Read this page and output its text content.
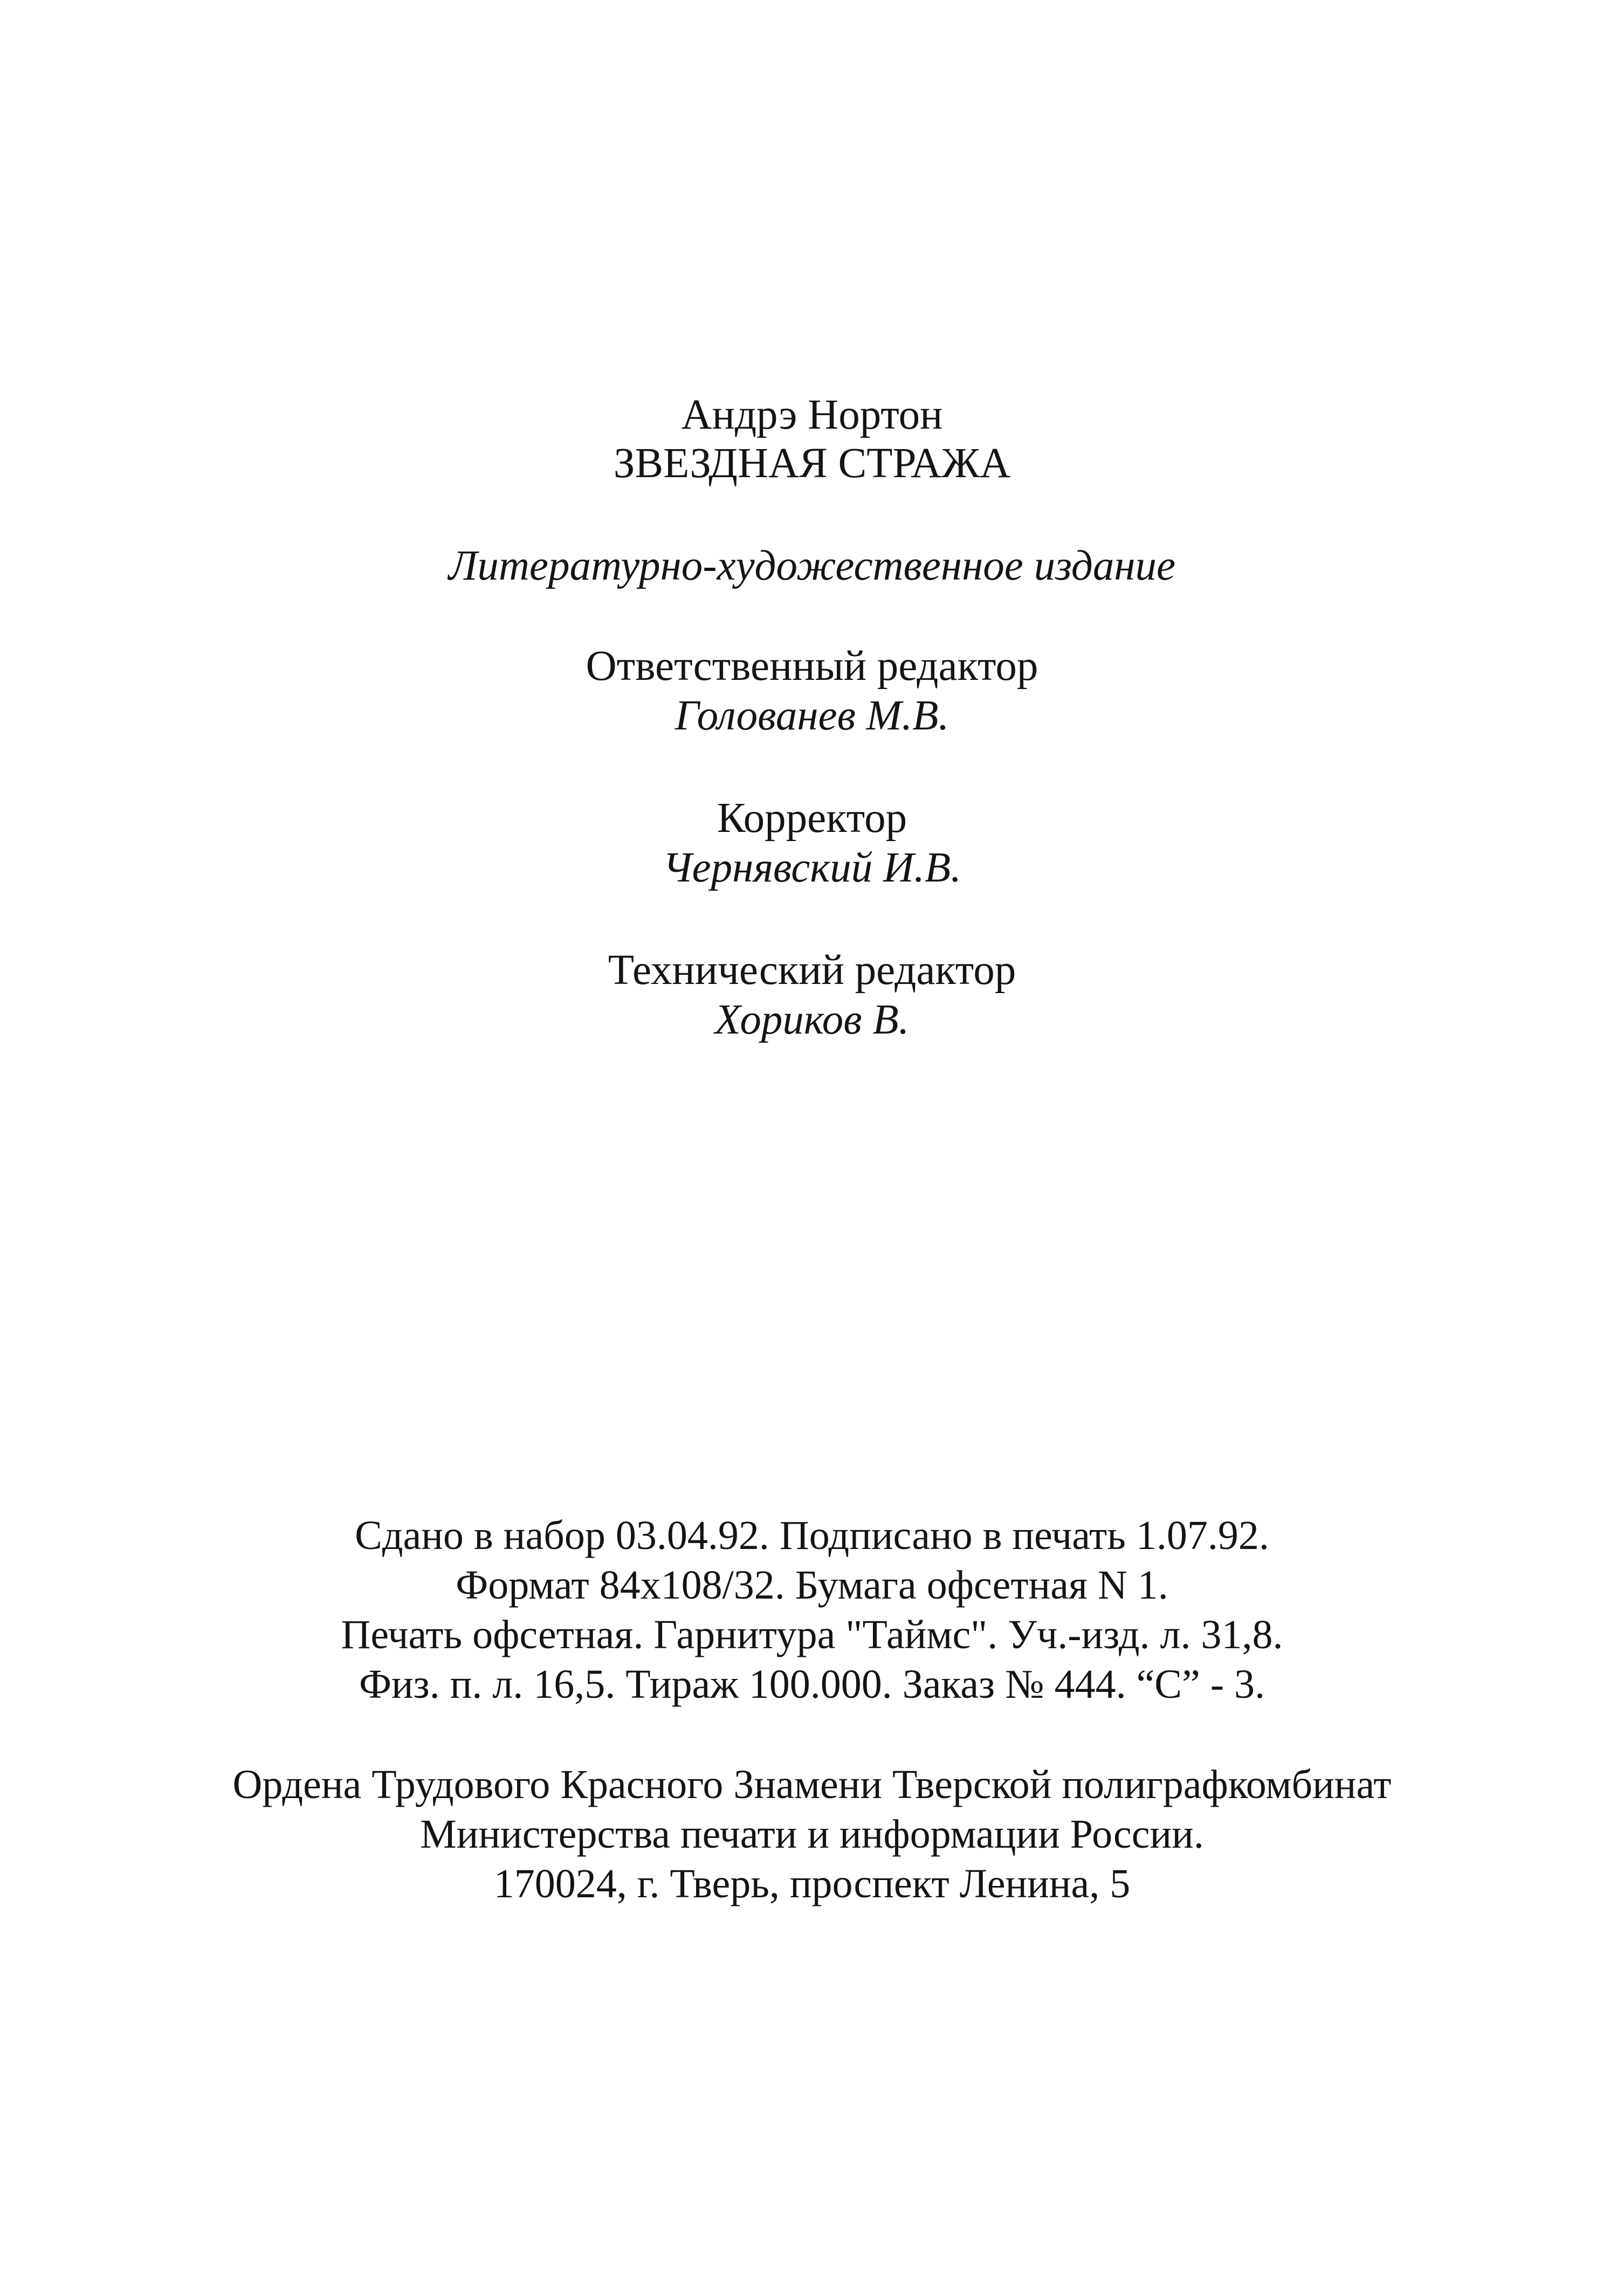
Андрэ Нортон
ЗВЕЗДНАЯ СТРАЖА
Литературно-художественное издание
Ответственный редактор
Голованев М.В.
Корректор
Чернявский И.В.
Технический редактор
Хориков В.
Сдано в набор 03.04.92. Подписано в печать 1.07.92.
Формат 84х108/32. Бумага офсетная N 1.
Печать офсетная. Гарнитура "Таймс". Уч.-изд. л. 31,8.
Физ. п. л. 16,5. Тираж 100.000. Заказ № 444. “С” - 3.
Ордена Трудового Красного Знамени Тверской полиграфкомбинат
Министерства печати и информации России.
170024, г. Тверь, проспект Ленина, 5
